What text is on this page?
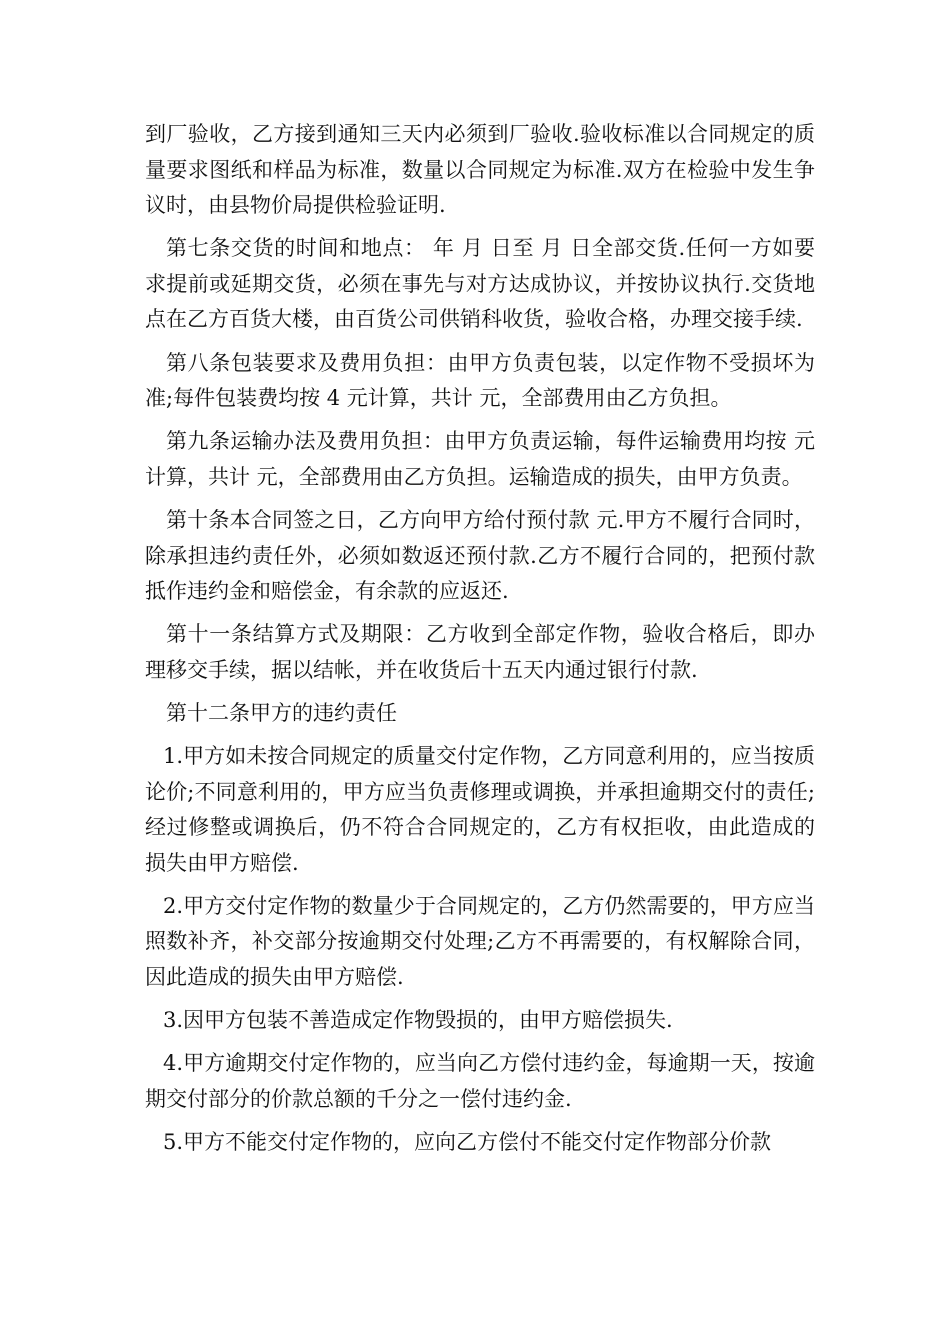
到厂验收，乙方接到通知三天内必须到厂验收.验收标准以合同规定的质量要求图纸和样品为标准，数量以合同规定为标准.双方在检验中发生争议时，由县物价局提供检验证明.

第七条交货的时间和地点： 年 月 日至 月 日全部交货.任何一方如要求提前或延期交货，必须在事先与对方达成协议，并按协议执行.交货地点在乙方百货大楼，由百货公司供销科收货，验收合格，办理交接手续.

第八条包装要求及费用负担：由甲方负责包装，以定作物不受损坏为准;每件包装费均按 4 元计算，共计 元，全部费用由乙方负担。

第九条运输办法及费用负担：由甲方负责运输，每件运输费用均按 元计算，共计 元，全部费用由乙方负担。运输造成的损失，由甲方负责。

第十条本合同签之日，乙方向甲方给付预付款 元.甲方不履行合同时，除承担违约责任外，必须如数返还预付款.乙方不履行合同的，把预付款抵作违约金和赔偿金，有余款的应返还.

第十一条结算方式及期限：乙方收到全部定作物，验收合格后，即办理移交手续，据以结帐，并在收货后十五天内通过银行付款.

第十二条甲方的违约责任

1.甲方如未按合同规定的质量交付定作物，乙方同意利用的，应当按质论价;不同意利用的，甲方应当负责修理或调换，并承担逾期交付的责任;经过修整或调换后，仍不符合合同规定的，乙方有权拒收，由此造成的损失由甲方赔偿.

2.甲方交付定作物的数量少于合同规定的，乙方仍然需要的，甲方应当照数补齐，补交部分按逾期交付处理;乙方不再需要的，有权解除合同，因此造成的损失由甲方赔偿.

3.因甲方包装不善造成定作物毁损的，由甲方赔偿损失.

4.甲方逾期交付定作物的，应当向乙方偿付违约金，每逾期一天，按逾期交付部分的价款总额的千分之一偿付违约金.

5.甲方不能交付定作物的，应向乙方偿付不能交付定作物部分价款
